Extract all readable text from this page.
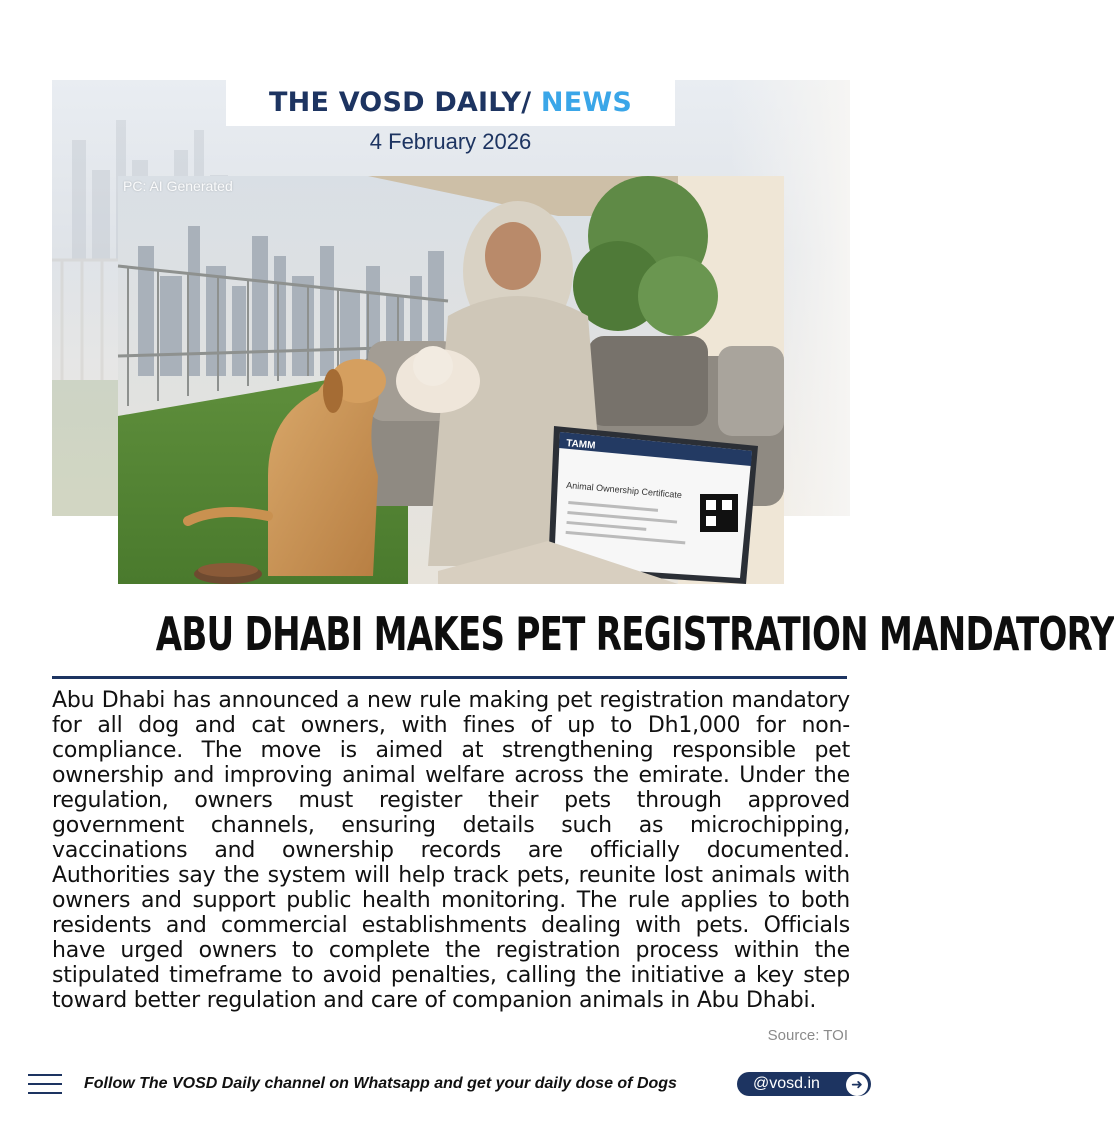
THE VOSD DAILY/ NEWS
4 February 2026
TAMM
Animal Ownership Certificate
PC: AI Generated
ABU DHABI MAKES PET REGISTRATION MANDATORY
Abu Dhabi has announced a new rule making pet registration mandatory for all dog and cat owners, with fines of up to Dh1,000 for non-compliance. The move is aimed at strengthening responsible pet ownership and improving animal welfare across the emirate. Under the regulation, owners must register their pets through approved government channels, ensuring details such as microchipping, vaccinations and ownership records are officially documented. Authorities say the system will help track pets, reunite lost animals with owners and support public health monitoring. The rule applies to both residents and commercial establishments dealing with pets. Officials have urged owners to complete the registration process within the stipulated timeframe to avoid penalties, calling the initiative a key step toward better regulation and care of companion animals in Abu Dhabi.
Source: TOI
Follow The VOSD Daily channel on Whatsapp and get your daily dose of Dogs	@vosd.in	➜
